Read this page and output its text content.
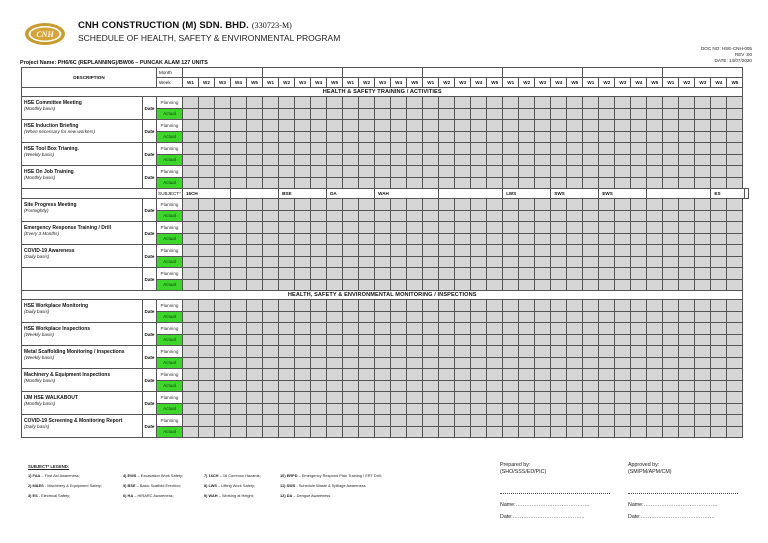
CNH
CNH CONSTRUCTION (M) SDN. BHD. (330723-M)
SCHEDULE OF HEALTH, SAFETY & ENVIRONMENTAL PROGRAM
DOC NO: HSE-CNH-005
REV :00
DATE: 14/07/2020
Project Name: PH6/6C (REPLANNING)/BW06 – PUNCAK ALAM 127 UNITS
DESCRIPTION		Month																																				
		Week	W1	W2	W3	W4	W5	W1	W2	W3	W4	W5	W1	W2	W3	W4	W5	W1	W2	W3	W4	W5	W1	W2	W3	W4	W5	W1	W2	W3	W4	W5	W1	W2	W3	W4	W5	
HEALTH & SAFETY TRAINING / ACTIVITIES																																						

HSE Committee Meeting
(Monthly basis)	Date	Planning																																				
		Actual																																				

HSE Induction Briefing
(When necessary for new workers)	Date	Planning																																				
		Actual																																				

HSE Tool Box Trianing.
(Weekly basis)	Date	Planning																																				
		Actual																																				

HSE On Job Training
(Monthly basis)	Date	Planning																																				
		Actual																																				
		SUBJECT*	16CH						BSE			DA			WAH								LWS			SWS			EWS							ES		

Site Progress Meeting
(Fortnightly)	Date	Planning																																				
		Actual																																				

Emergency Response Training / Drill
(Every 3 Months)	Date	Planning																																				
		Actual																																				

COVID-19 Awareness
(Daily basis)	Date	Planning																																				
		Actual																																				

	Date	Planning																																				
		Actual																																				
HEALTH, SAFETY & ENVIRONMENTAL MONITORING / INSPECTIONS																																						

HSE Workplace Monitoring
(Daily basis)	Date	Planning																																				
		Actual																																				

HSE Workplace Inspections
(Weekly basis)	Date	Planning																																				
		Actual																																				

Metal Scaffolding Monitoring / Inspections
(Weekly basis)	Date	Planning																																				
		Actual																																				

Machinery & Equipment Inspections
(Monthly basis)	Date	Planning																																				
		Actual																																				

IJM HSE WALKABOUT
(Monthly basis)	Date	Planning																																				
		Actual																																				

COVID-19 Screening & Monitoring Report
(Daily basis)	Date	Planning																																				
		Actual																																				
SUBJECT* LEGEND:
1) FAA – First Aid Awareness;	4) EWS – Excavation Work Safety;	7) 16CH – 16 Common Hazards;	10) ERPD – Emergency Respond Plan Training / ERT Drill;
2) M&ES - Machinery & Equipment Safety;	5) BSE – Basic Scaffold Erection;	8) LWS – Lifting Work Safety;	11) SWS - Schedule Waste & Spillage Awareness
3) ES - Electrical Safety;	6) HA – HIRARC Awareness;	9) WAH – Working at Height;	12) DA – Dengue Awareness
Prepared by:
(SHO/SSS/ED/PIC)
Name:……………………………………
Date:…………………………………..
Approved by:
(SM/PM/APM/CM)
Name:……………………………………
Date:……………………………………
